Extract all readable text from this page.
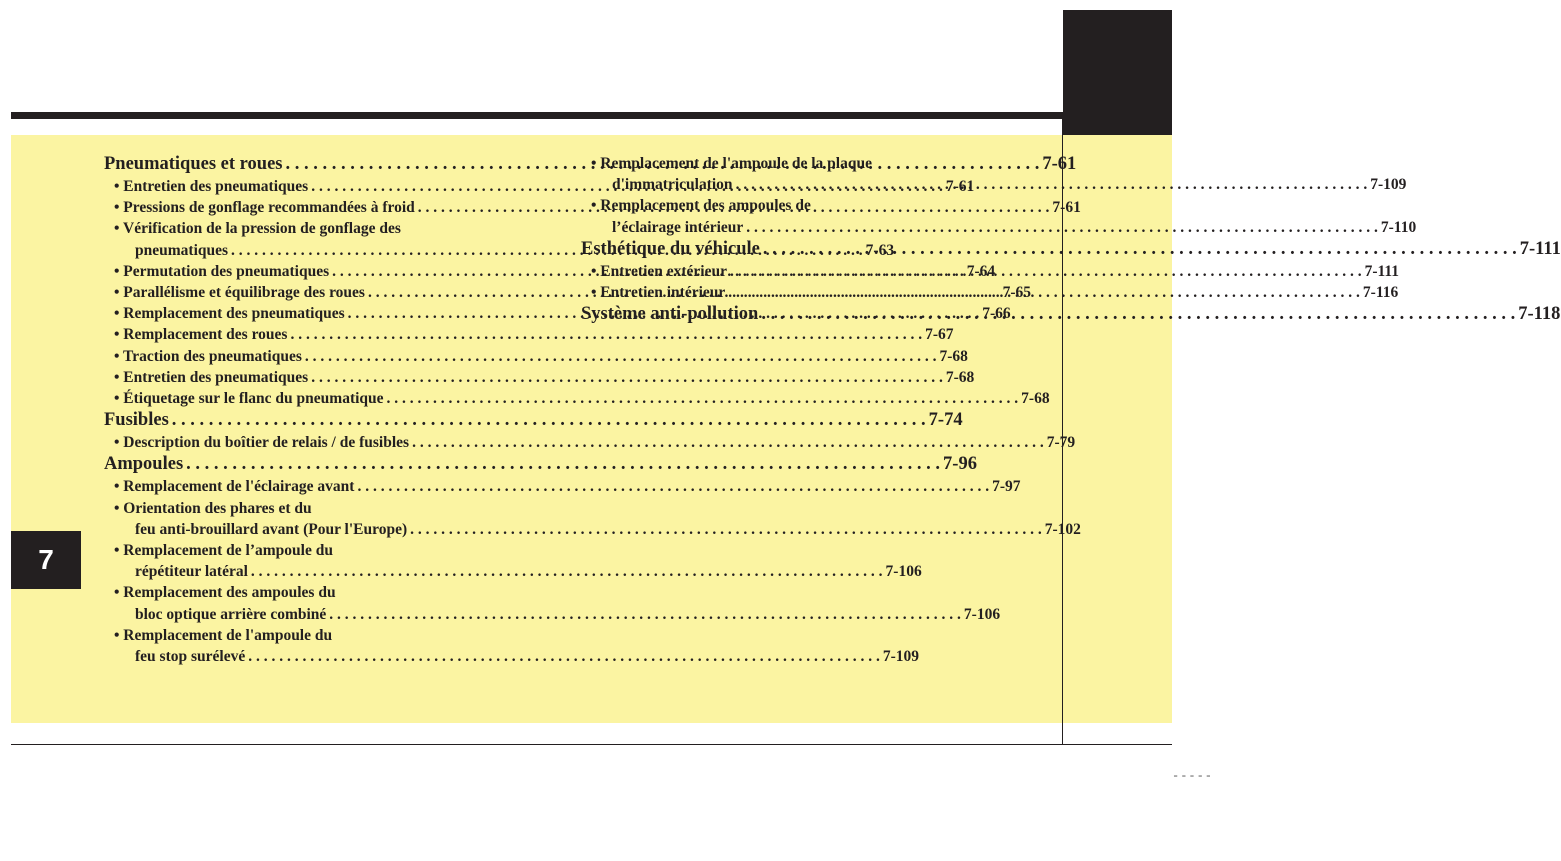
7
Pneumatiques et roues . . .	7-61
• Entretien des pneumatiques . . .	7-61
• Pressions de gonflage recommandées à froid . . .	7-61
• Vérification de la pression de gonflage des
pneumatiques . . .	7-63
• Permutation des pneumatiques . . .	7-64
• Parallélisme et équilibrage des roues . . .	7-65
• Remplacement des pneumatiques . . .	7-66
• Remplacement des roues . . .	7-67
• Traction des pneumatiques . . .	7-68
• Entretien des pneumatiques . . .	7-68
• Étiquetage sur le flanc du pneumatique . . .	7-68
Fusibles . . .	7-74
• Description du boîtier de relais / de fusibles . . .	7-79
Ampoules . . .	7-96
• Remplacement de l'éclairage avant . . .	7-97
• Orientation des phares et du
feu anti-brouillard avant (Pour l'Europe) . . .	7-102
• Remplacement de l’ampoule du
répétiteur latéral . . .	7-106
• Remplacement des ampoules du
bloc optique arrière combiné . . .	7-106
• Remplacement de l'ampoule du
feu stop surélevé . . .	7-109
• Remplacement de l'ampoule de la plaque
d'immatriculation . . .	7-109
• Remplacement des ampoules de
l’éclairage intérieur . . .	7-110
Esthétique du véhicule . . .	7-111
• Entretien extérieur . . .	7-111
• Entretien intérieur . . .	7-116
Système anti-pollution . . .	7-118
-----
